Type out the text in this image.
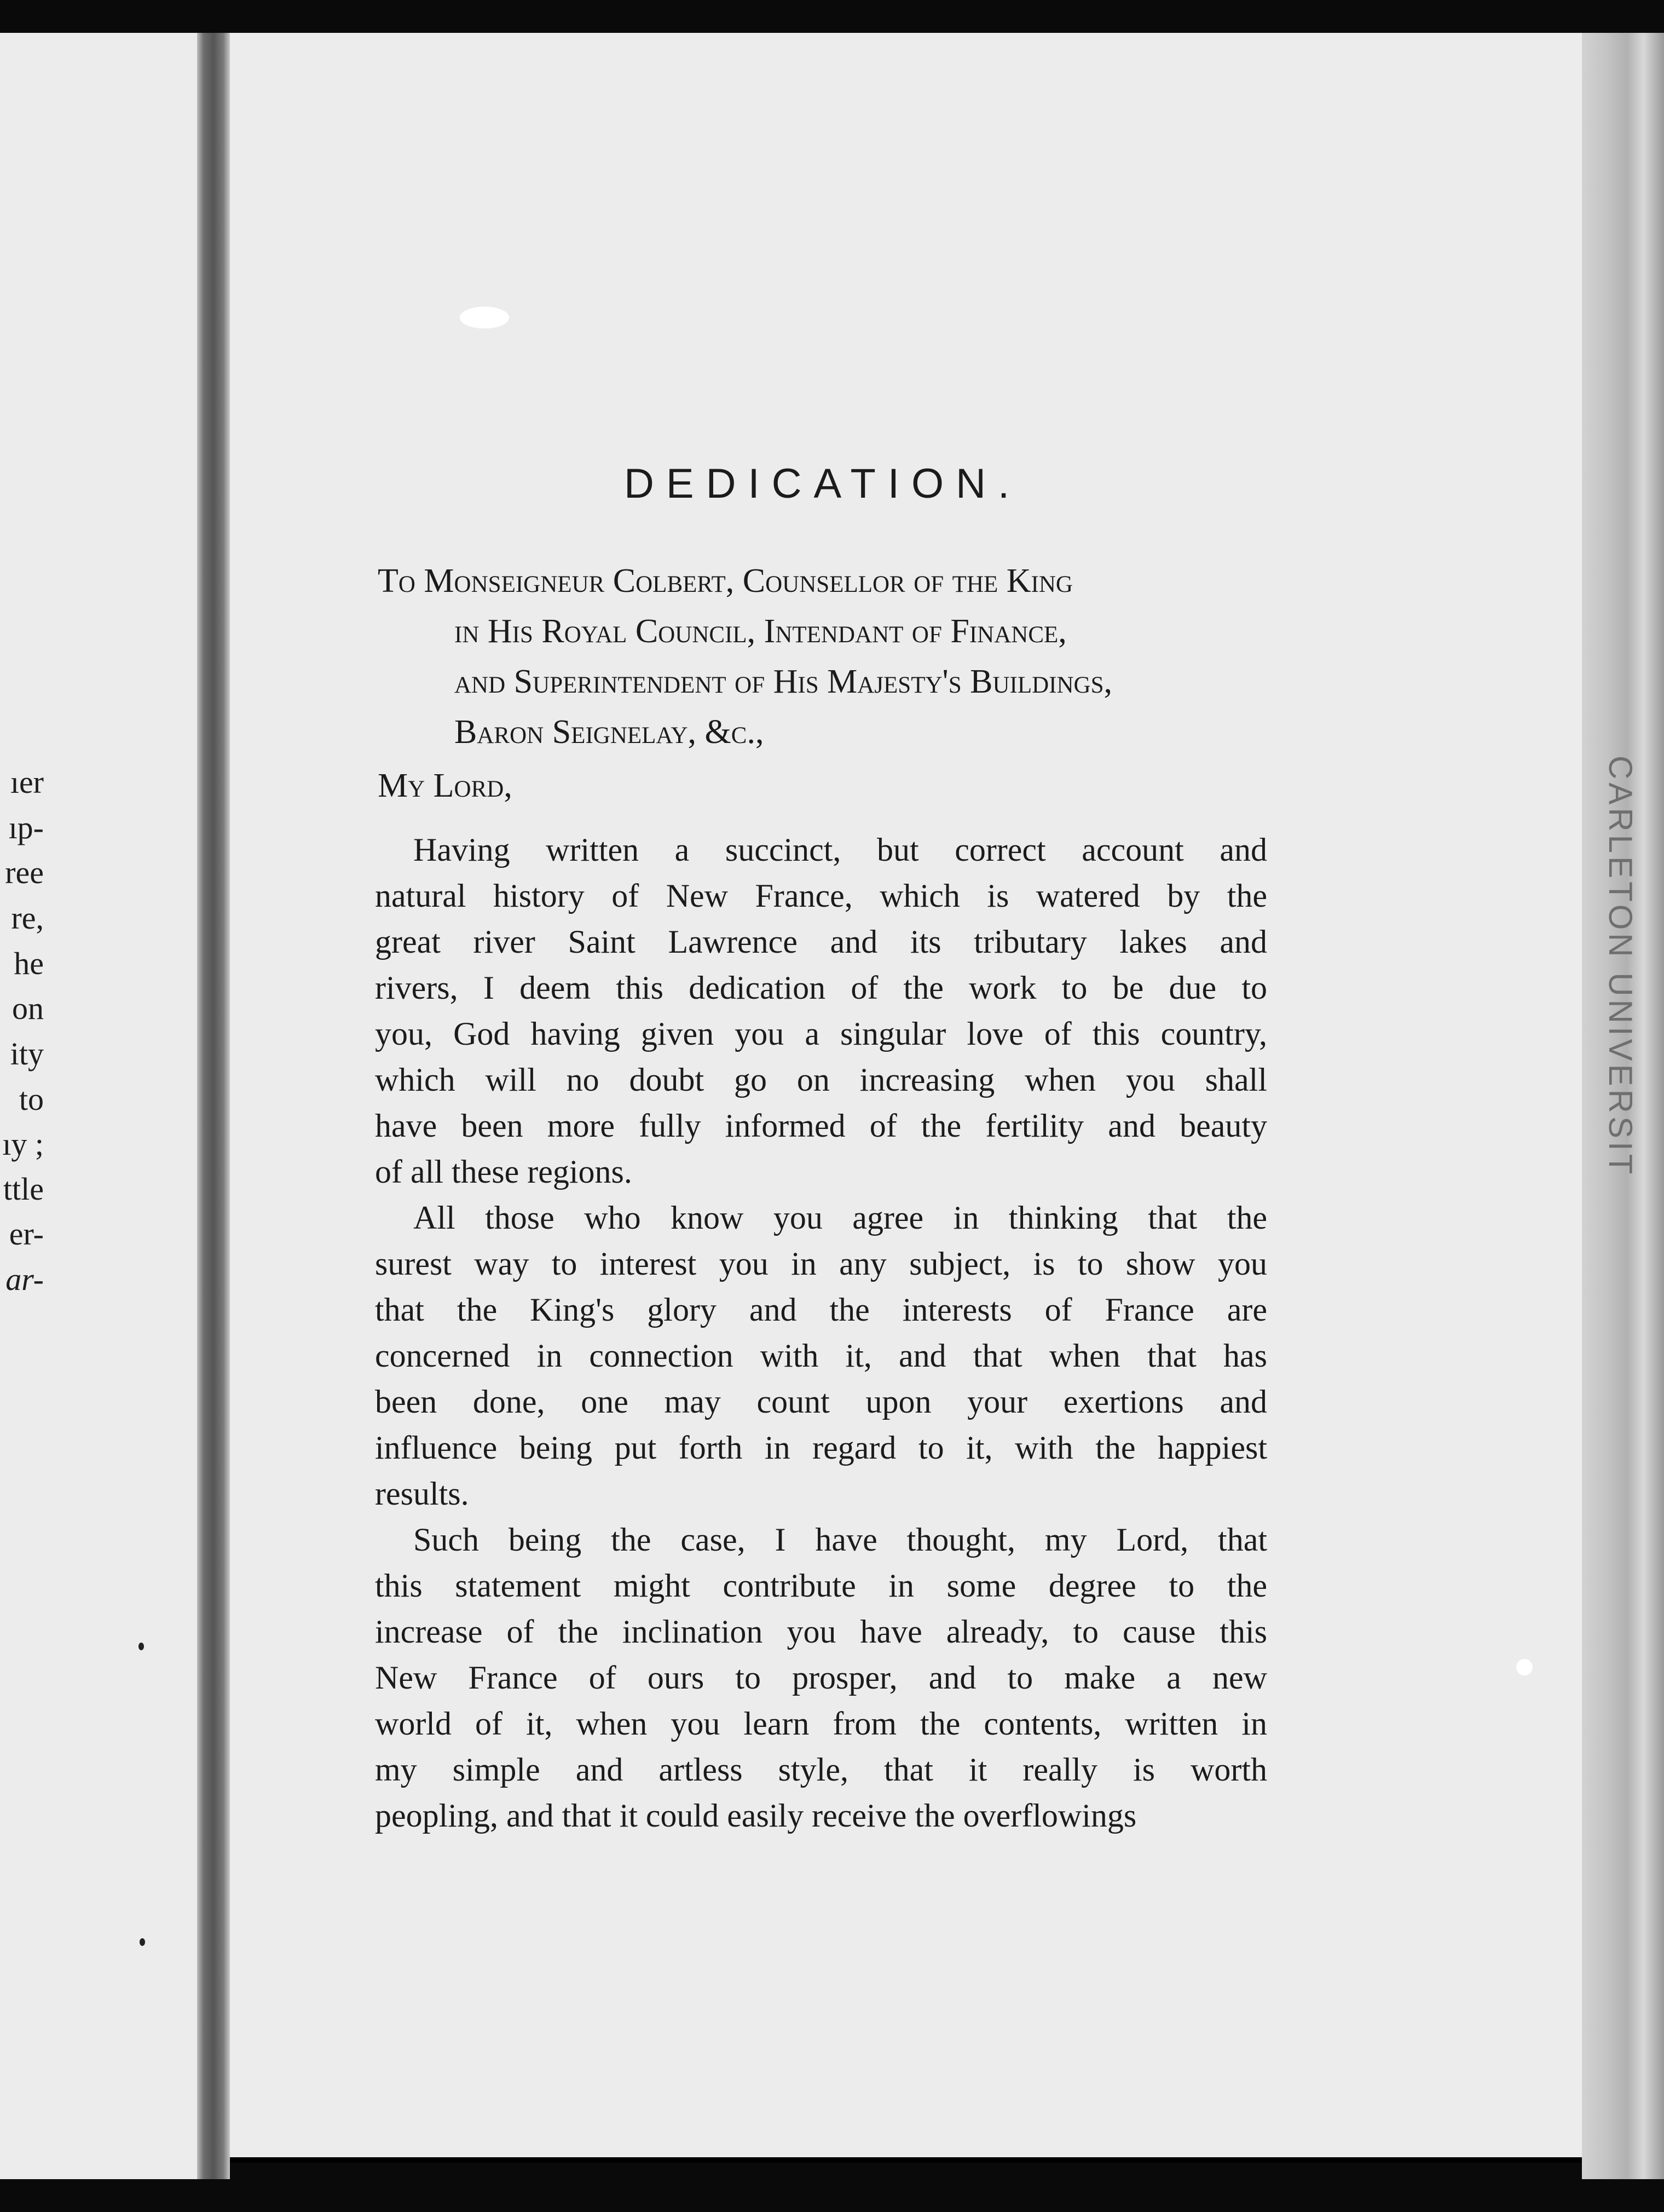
ıer
ıp-
ree
re,
he
on
ity
to
ıy ;
ttle
er-
ar-
CARLETON UNIVERSIT
DEDICATION.
To Monseigneur Colbert, Counsellor of the King
in His Royal Council, Intendant of Finance,
and Superintendent of His Majesty's Buildings,
Baron Seignelay, &c.,
My Lord,
Having written a succinct, but correct account and
natural history of New France, which is watered by the
great river Saint Lawrence and its tributary lakes and
rivers, I deem this dedication of the work to be due to
you, God having given you a singular love of this country,
which will no doubt go on increasing when you shall
have been more fully informed of the fertility and beauty
of all these regions.
All those who know you agree in thinking that the
surest way to interest you in any subject, is to show you
that the King's glory and the interests of France are
concerned in connection with it, and that when that has
been done, one may count upon your exertions and
influence being put forth in regard to it, with the happiest
results.
Such being the case, I have thought, my Lord, that
this statement might contribute in some degree to the
increase of the inclination you have already, to cause this
New France of ours to prosper, and to make a new
world of it, when you learn from the contents, written in
my simple and artless style, that it really is worth
peopling, and that it could easily receive the overflowings
